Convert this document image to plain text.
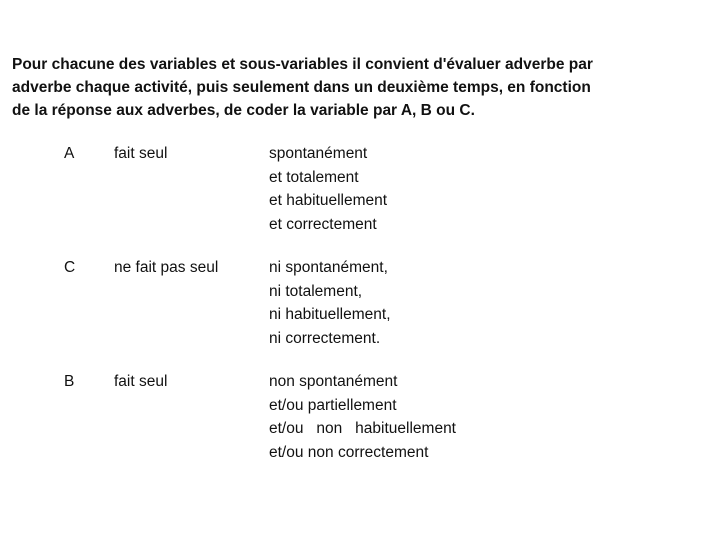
Pour chacune des variables et sous-variables il convient d'évaluer adverbe par
adverbe chaque activité, puis seulement dans un deuxième temps, en fonction
de la réponse aux adverbes, de coder la variable par A, B ou C.
A	fait seul	spontanément
et totalement
et habituellement
et correctement
C	ne fait pas seul	ni spontanément,
ni totalement,
ni habituellement,
ni correctement.
B	fait seul	non spontanément
et/ou partiellement
et/ou   non   habituellement
et/ou non correctement
